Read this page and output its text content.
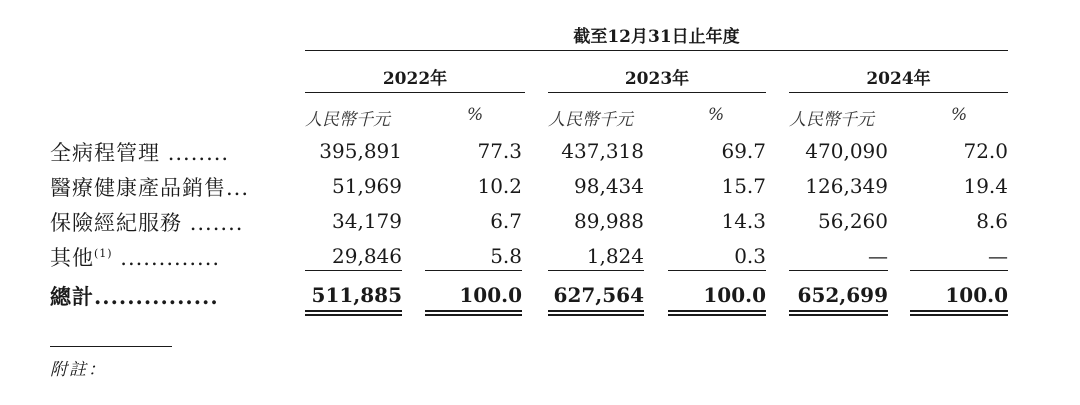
截至12月31日止年度
2022年	2023年	2024年
人民幣千元	%	人民幣千元	%	人民幣千元	%
全病程管理 ........	395,891	77.3	437,318	69.7	470,090	72.0
醫療健康產品銷售...	51,969	10.2	98,434	15.7	126,349	19.4
保險經紀服務 .......	34,179	6.7	89,988	14.3	56,260	8.6
其他$^{(1)}$ .............	29,846	5.8	1,824	0.3	—	—
總計...............	511,885	100.0 627,564	100.0	652,699	100.0
附註：
